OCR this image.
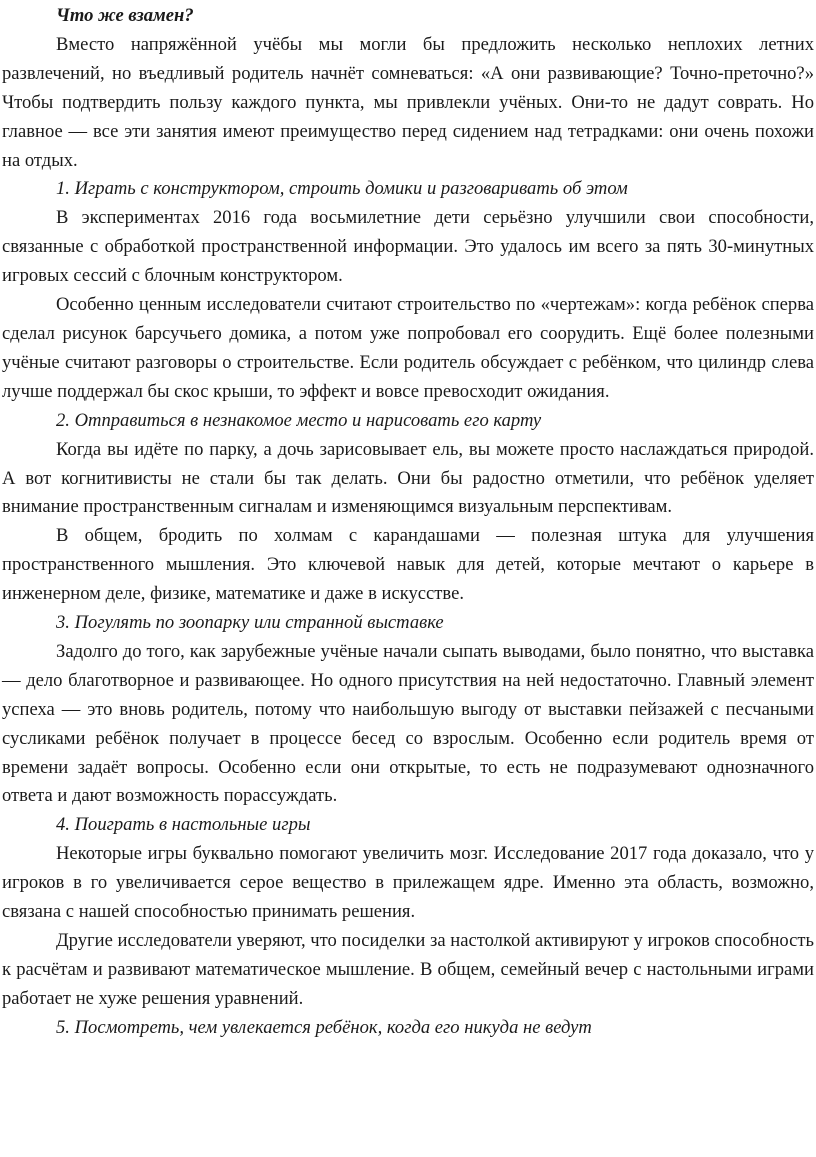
Что же взамен?

Вместо напряжённой учёбы мы могли бы предложить несколько неплохих летних развлечений, но въедливый родитель начнёт сомневаться: «А они развивающие? Точно-преточно?» Чтобы подтвердить пользу каждого пункта, мы привлекли учёных. Они-то не дадут соврать. Но главное — все эти занятия имеют преимущество перед сидением над тетрадками: они очень похожи на отдых.

1. Играть с конструктором, строить домики и разговаривать об этом

В экспериментах 2016 года восьмилетние дети серьёзно улучшили свои способности, связанные с обработкой пространственной информации. Это удалось им всего за пять 30-минутных игровых сессий с блочным конструктором.

Особенно ценным исследователи считают строительство по «чертежам»: когда ребёнок сперва сделал рисунок барсучьего домика, а потом уже попробовал его соорудить. Ещё более полезными учёные считают разговоры о строительстве. Если родитель обсуждает с ребёнком, что цилиндр слева лучше поддержал бы скос крыши, то эффект и вовсе превосходит ожидания.

2. Отправиться в незнакомое место и нарисовать его карту

Когда вы идёте по парку, а дочь зарисовывает ель, вы можете просто наслаждаться природой. А вот когнитивисты не стали бы так делать. Они бы радостно отметили, что ребёнок уделяет внимание пространственным сигналам и изменяющимся визуальным перспективам.

В общем, бродить по холмам с карандашами — полезная штука для улучшения пространственного мышления. Это ключевой навык для детей, которые мечтают о карьере в инженерном деле, физике, математике и даже в искусстве.

3. Погулять по зоопарку или странной выставке

Задолго до того, как зарубежные учёные начали сыпать выводами, было понятно, что выставка — дело благотворное и развивающее. Но одного присутствия на ней недостаточно. Главный элемент успеха — это вновь родитель, потому что наибольшую выгоду от выставки пейзажей с песчаными сусликами ребёнок получает в процессе бесед со взрослым. Особенно если родитель время от времени задаёт вопросы. Особенно если они открытые, то есть не подразумевают однозначного ответа и дают возможность порассуждать.

4. Поиграть в настольные игры

Некоторые игры буквально помогают увеличить мозг. Исследование 2017 года доказало, что у игроков в го увеличивается серое вещество в прилежащем ядре. Именно эта область, возможно, связана с нашей способностью принимать решения.

Другие исследователи уверяют, что посиделки за настолкой активируют у игроков способность к расчётам и развивают математическое мышление. В общем, семейный вечер с настольными играми работает не хуже решения уравнений.

5. Посмотреть, чем увлекается ребёнок, когда его никуда не ведут
